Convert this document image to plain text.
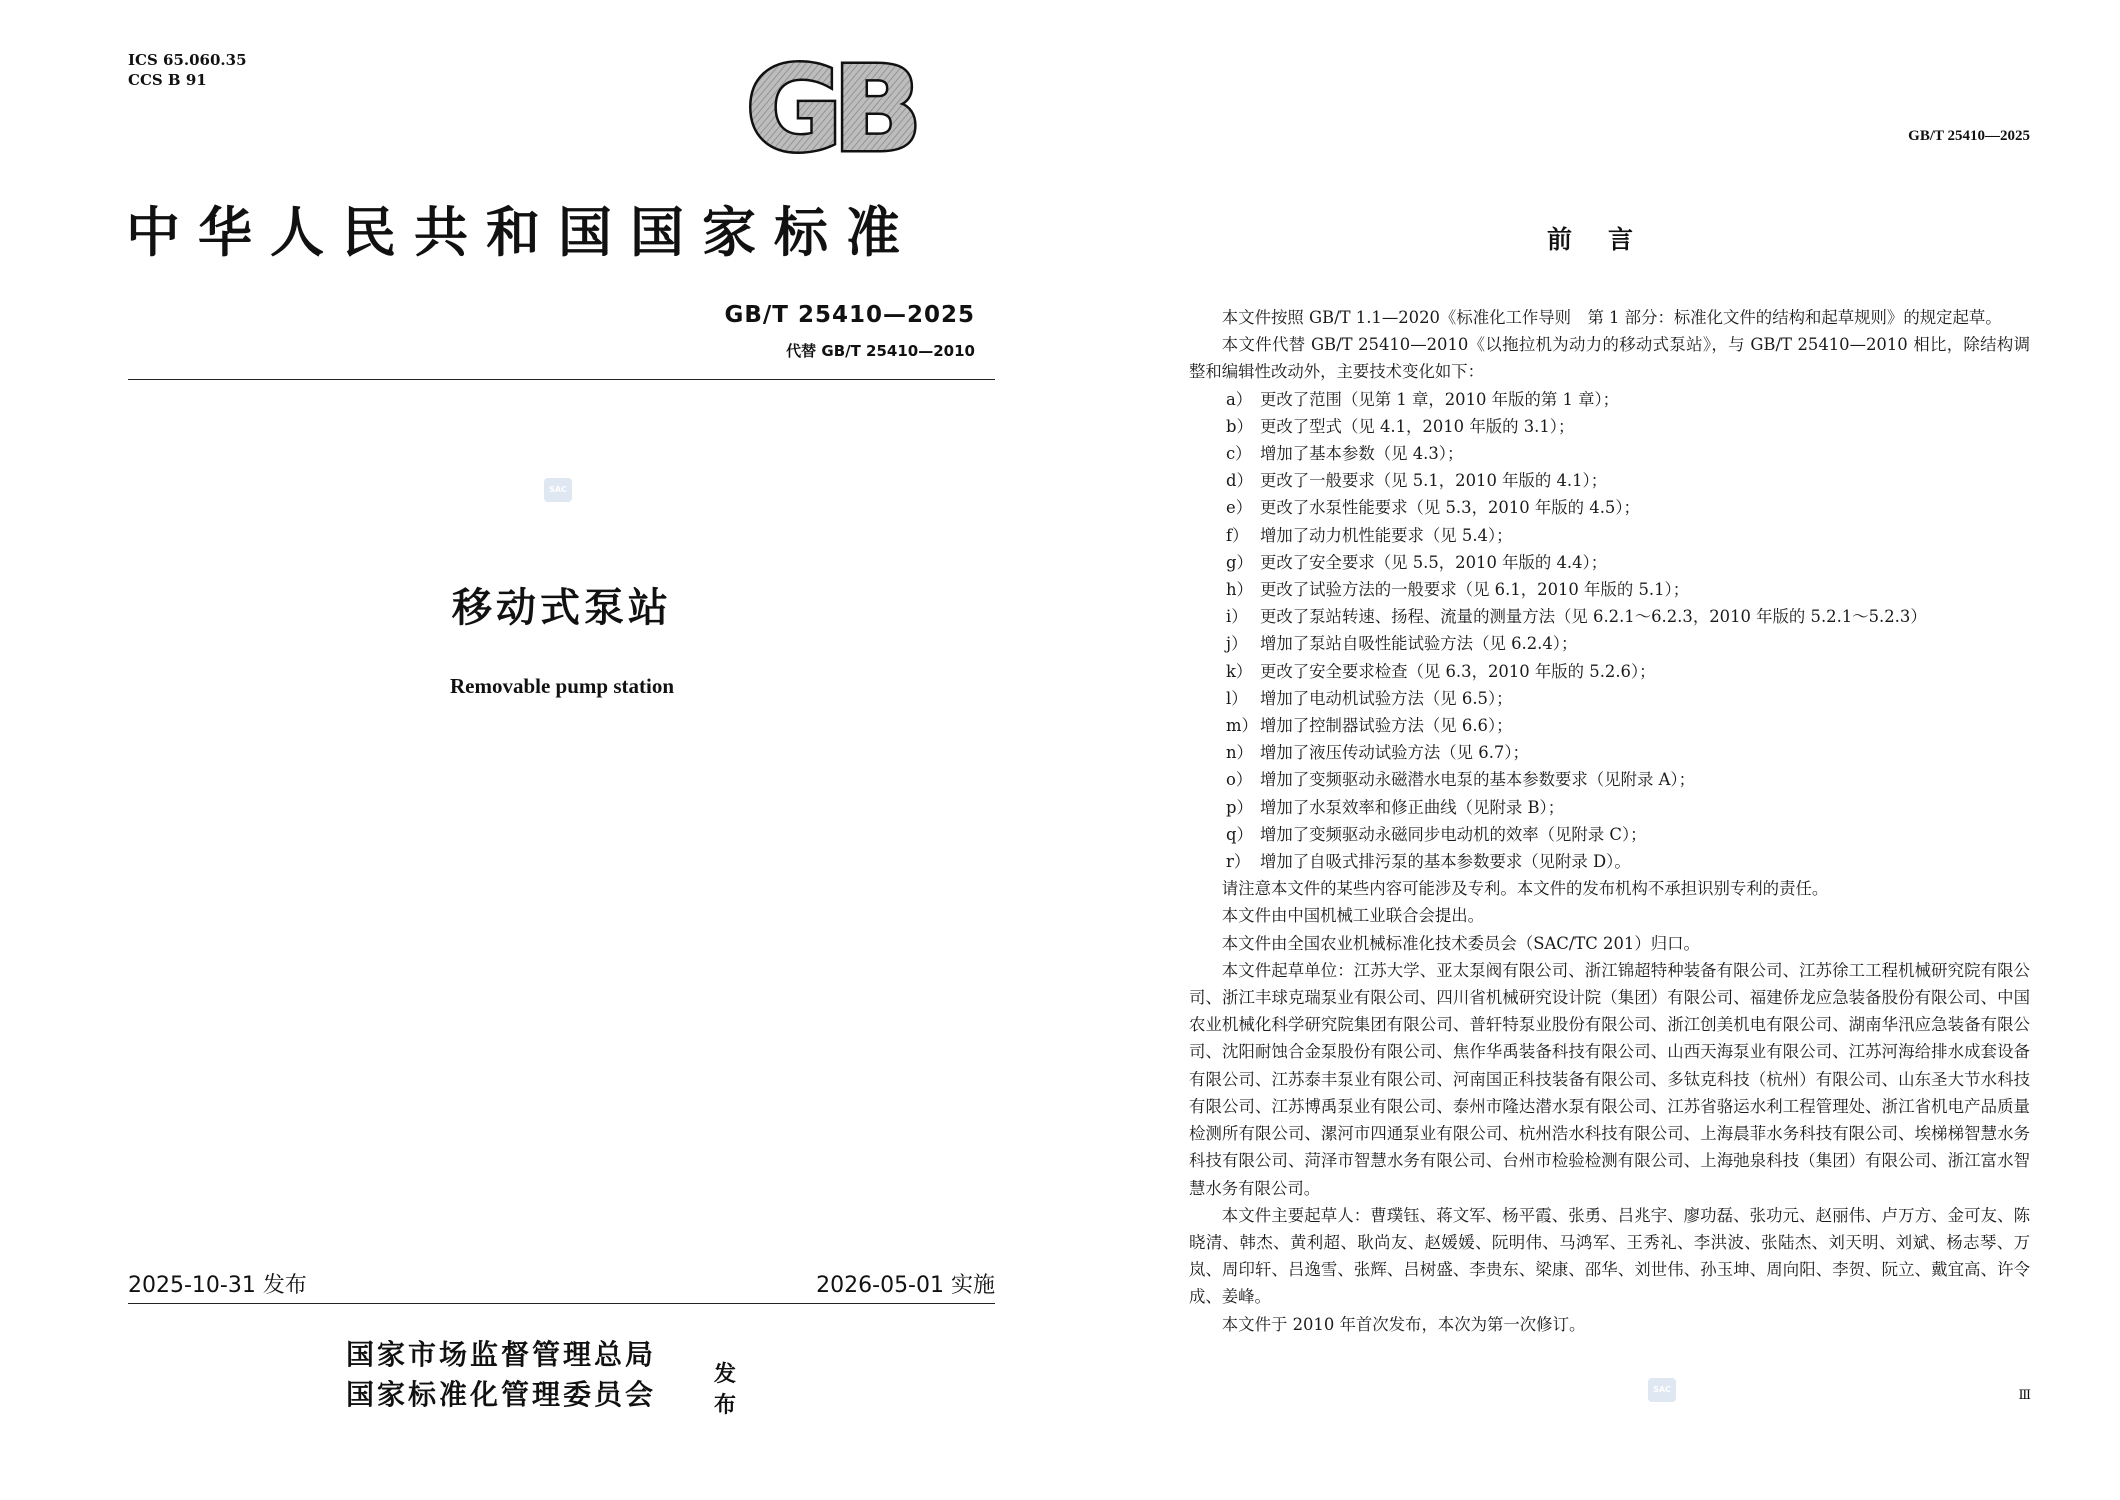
ICS 65.060.35
CCS B 91	GB
中华人民共和国国家标准
GB/T 25410—2025
代替 GB/T 25410—2010
SAC
移动式泵站
Removable pump station
2025-10-31 发布	2026-05-01 实施
国家市场监督管理总局
国家标准化管理委员会
发布
GB/T 25410—2025
前言

本文件按照 GB/T 1.1—2020《标准化工作导则　第 1 部分：标准化文件的结构和起草规则》的规定起草。

本文件代替 GB/T 25410—2010《以拖拉机为动力的移动式泵站》，与 GB/T 25410—2010 相比，除结构调整和编辑性改动外，主要技术变化如下：

a） 更改了范围（见第 1 章，2010 年版的第 1 章）；
b） 更改了型式（见 4.1，2010 年版的 3.1）；
c） 增加了基本参数（见 4.3）；
d） 更改了一般要求（见 5.1，2010 年版的 4.1）；
e） 更改了水泵性能要求（见 5.3，2010 年版的 4.5）；
f） 增加了动力机性能要求（见 5.4）；
g） 更改了安全要求（见 5.5，2010 年版的 4.4）；
h） 更改了试验方法的一般要求（见 6.1，2010 年版的 5.1）；
i） 更改了泵站转速、扬程、流量的测量方法（见 6.2.1～6.2.3，2010 年版的 5.2.1～5.2.3）
j） 增加了泵站自吸性能试验方法（见 6.2.4）；
k） 更改了安全要求检查（见 6.3，2010 年版的 5.2.6）；
l） 增加了电动机试验方法（见 6.5）；
m） 增加了控制器试验方法（见 6.6）；
n） 增加了液压传动试验方法（见 6.7）；
o） 增加了变频驱动永磁潜水电泵的基本参数要求（见附录 A）；
p） 增加了水泵效率和修正曲线（见附录 B）；
q） 增加了变频驱动永磁同步电动机的效率（见附录 C）；
r） 增加了自吸式排污泵的基本参数要求（见附录 D）。

请注意本文件的某些内容可能涉及专利。本文件的发布机构不承担识别专利的责任。

本文件由中国机械工业联合会提出。

本文件由全国农业机械标准化技术委员会（SAC/TC 201）归口。

本文件起草单位：江苏大学、亚太泵阀有限公司、浙江锦超特种装备有限公司、江苏徐工工程机械研究院有限公司、浙江丰球克瑞泵业有限公司、四川省机械研究设计院（集团）有限公司、福建侨龙应急装备股份有限公司、中国农业机械化科学研究院集团有限公司、普轩特泵业股份有限公司、浙江创美机电有限公司、湖南华汛应急装备有限公司、沈阳耐蚀合金泵股份有限公司、焦作华禹装备科技有限公司、山西天海泵业有限公司、江苏河海给排水成套设备有限公司、江苏泰丰泵业有限公司、河南国正科技装备有限公司、多钛克科技（杭州）有限公司、山东圣大节水科技有限公司、江苏博禹泵业有限公司、泰州市隆达潜水泵有限公司、江苏省骆运水利工程管理处、浙江省机电产品质量检测所有限公司、漯河市四通泵业有限公司、杭州浩水科技有限公司、上海晨菲水务科技有限公司、埃梯梯智慧水务科技有限公司、菏泽市智慧水务有限公司、台州市检验检测有限公司、上海弛泉科技（集团）有限公司、浙江富水智慧水务有限公司。

本文件主要起草人：曹璞钰、蒋文军、杨平霞、张勇、吕兆宇、廖功磊、张功元、赵丽伟、卢万方、金可友、陈晓清、韩杰、黄利超、耿尚友、赵媛媛、阮明伟、马鸿军、王秀礼、李洪波、张陆杰、刘天明、刘斌、杨志琴、万岚、周印轩、吕逸雪、张辉、吕树盛、李贵东、梁康、邵华、刘世伟、孙玉坤、周向阳、李贺、阮立、戴宜高、许令成、姜峰。

本文件于 2010 年首次发布，本次为第一次修订。

SAC	Ⅲ
